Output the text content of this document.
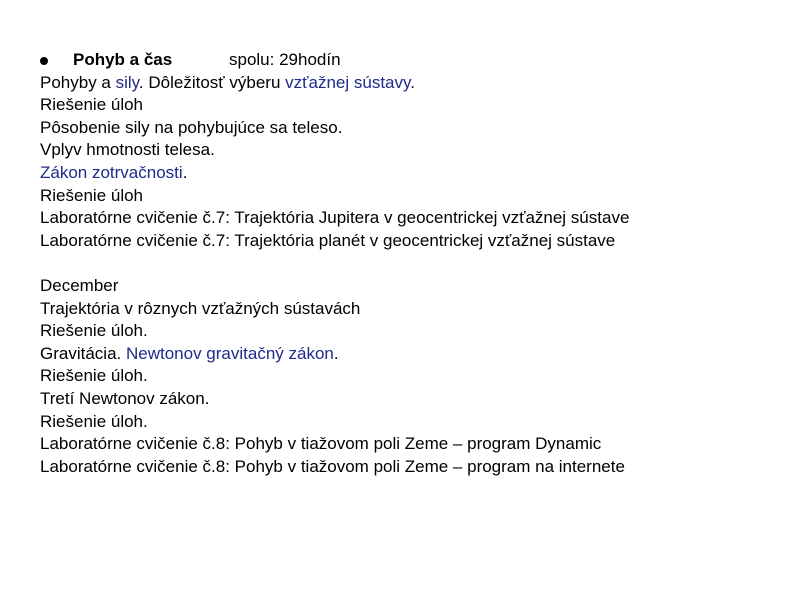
Pohyb a čas	spolu: 29hodín
Pohyby a sily. Dôležitosť výberu vzťažnej sústavy.
Riešenie úloh
Pôsobenie sily na pohybujúce sa teleso.
Vplyv hmotnosti telesa.
Zákon zotrvačnosti.
Riešenie úloh
Laboratórne cvičenie č.7: Trajektória Jupitera v geocentrickej vzťažnej sústave
Laboratórne cvičenie č.7: Trajektória planét v geocentrickej vzťažnej sústave
December
Trajektória v rôznych vzťažných sústavách
Riešenie úloh.
Gravitácia. Newtonov gravitačný zákon.
Riešenie úloh.
Tretí Newtonov zákon.
Riešenie úloh.
Laboratórne cvičenie č.8: Pohyb v tiažovom poli Zeme – program Dynamic
Laboratórne cvičenie č.8: Pohyb v tiažovom poli Zeme – program na internete
